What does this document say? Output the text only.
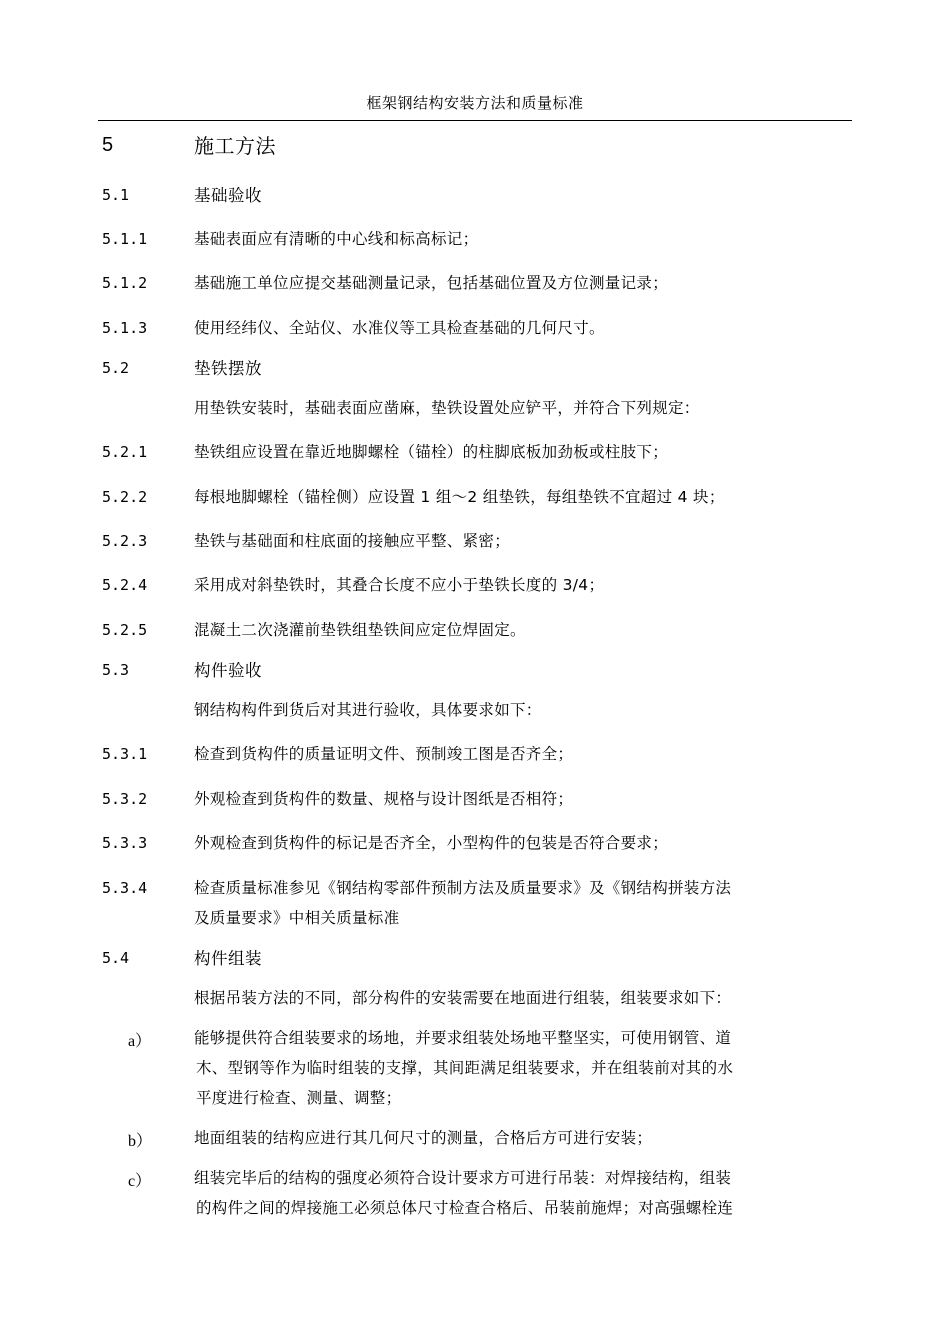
框架钢结构安装方法和质量标准
5	施工方法
5.1	基础验收
5.1.1	基础表面应有清晰的中心线和标高标记；
5.1.2	基础施工单位应提交基础测量记录，包括基础位置及方位测量记录；
5.1.3	使用经纬仪、全站仪、水准仪等工具检查基础的几何尺寸。
5.2	垫铁摆放
用垫铁安装时，基础表面应凿麻，垫铁设置处应铲平，并符合下列规定：
5.2.1	垫铁组应设置在靠近地脚螺栓（锚栓）的柱脚底板加劲板或柱肢下；
5.2.2	每根地脚螺栓（锚栓侧）应设置 1 组～2 组垫铁，每组垫铁不宜超过 4 块；
5.2.3	垫铁与基础面和柱底面的接触应平整、紧密；
5.2.4	采用成对斜垫铁时，其叠合长度不应小于垫铁长度的 3/4；
5.2.5	混凝土二次浇灌前垫铁组垫铁间应定位焊固定。
5.3	构件验收
钢结构构件到货后对其进行验收，具体要求如下：
5.3.1	检查到货构件的质量证明文件、预制竣工图是否齐全；
5.3.2	外观检查到货构件的数量、规格与设计图纸是否相符；
5.3.3	外观检查到货构件的标记是否齐全，小型构件的包装是否符合要求；
5.3.4	检查质量标准参见《钢结构零部件预制方法及质量要求》及《钢结构拼装方法
及质量要求》中相关质量标准
5.4	构件组装
根据吊装方法的不同，部分构件的安装需要在地面进行组装，组装要求如下：
a）	能够提供符合组装要求的场地，并要求组装处场地平整坚实，可使用钢管、道
木、型钢等作为临时组装的支撑，其间距满足组装要求，并在组装前对其的水
平度进行检查、测量、调整；
b）	地面组装的结构应进行其几何尺寸的测量，合格后方可进行安装；
c）	组装完毕后的结构的强度必须符合设计要求方可进行吊装：对焊接结构，组装
的构件之间的焊接施工必须总体尺寸检查合格后、吊装前施焊；对高强螺栓连
